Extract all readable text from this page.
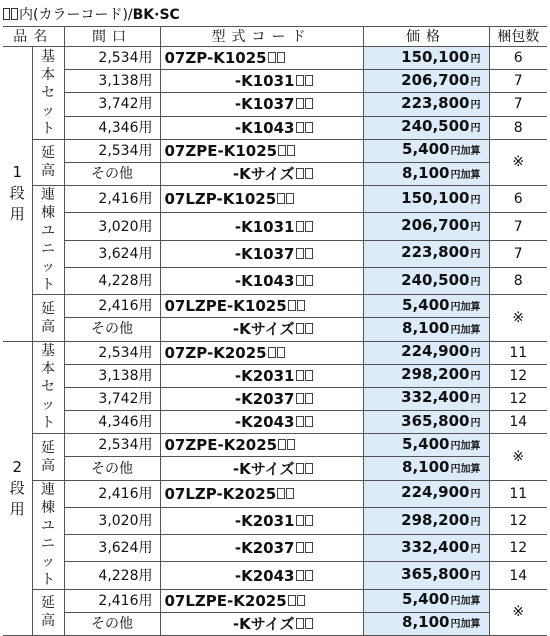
内(カラーコード)/BK·SC
品名		間口	型式コード	価格	梱包数
1段用	基本セット	2,534用	07ZP-K1025	150,100円	6
		3,138用	-K1031	206,700円	7
		3,742用	-K1037	223,800円	7
		4,346用	-K1043	240,500円	8
	延高	2,534用	07ZPE-K1025	5,400円加算	※
		その他	-Kサイズ	8,100円加算	
	連棟ユニット	2,416用	07LZP-K1025	150,100円	6
		3,020用	-K1031	206,700円	7
		3,624用	-K1037	223,800円	7
		4,228用	-K1043	240,500円	8
	延高	2,416用	07LZPE-K1025	5,400円加算	※
		その他	-Kサイズ	8,100円加算	
2段用	基本セット	2,534用	07ZP-K2025	224,900円	11
		3,138用	-K2031	298,200円	12
		3,742用	-K2037	332,400円	12
		4,346用	-K2043	365,800円	14
	延高	2,534用	07ZPE-K2025	5,400円加算	※
		その他	-Kサイズ	8,100円加算	
	連棟ユニット	2,416用	07LZP-K2025	224,900円	11
		3,020用	-K2031	298,200円	12
		3,624用	-K2037	332,400円	12
		4,228用	-K2043	365,800円	14
	延高	2,416用	07LZPE-K2025	5,400円加算	※
		その他	-Kサイズ	8,100円加算	
